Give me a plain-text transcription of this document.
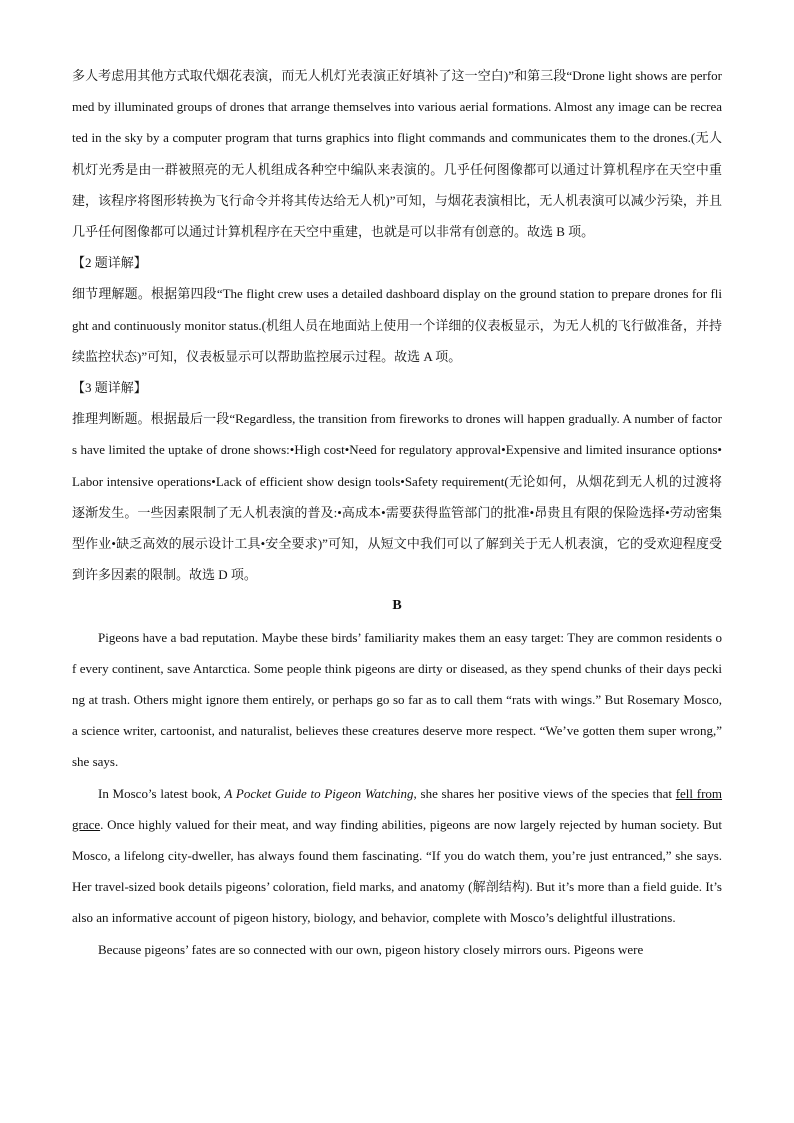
多人考虑用其他方式取代烟花表演，而无人机灯光表演正好填补了这一空白)”和第三段“Drone light shows are performed by illuminated groups of drones that arrange themselves into various aerial formations. Almost any image can be recreated in the sky by a computer program that turns graphics into flight commands and communicates them to the drones.(无人机灯光秀是由一群被照亮的无人机组成各种空中编队来表演的。几乎任何图像都可以通过计算机程序在天空中重建，该程序将图形转换为飞行命令并将其传达给无人机)”可知，与烟花表演相比，无人机表演可以减少污染，并且几乎任何图像都可以通过计算机程序在天空中重建，也就是可以非常有创意的。故选 B 项。

【2 题详解】

细节理解题。根据第四段“The flight crew uses a detailed dashboard display on the ground station to prepare drones for flight and continuously monitor status.(机组人员在地面站上使用一个详细的仪表板显示，为无人机的飞行做准备，并持续监控状态)”可知，仪表板显示可以帮助监控展示过程。故选 A 项。

【3 题详解】

推理判断题。根据最后一段“Regardless, the transition from fireworks to drones will happen gradually. A number of factors have limited the uptake of drone shows:•High cost•Need for regulatory approval•Expensive and limited insurance options•Labor intensive operations•Lack of efficient show design tools•Safety requirement(无论如何，从烟花到无人机的过渡将逐渐发生。一些因素限制了无人机表演的普及:•高成本•需要获得监管部门的批准•昂贵且有限的保险选择•劳动密集型作业•缺乏高效的展示设计工具•安全要求)”可知，从短文中我们可以了解到关于无人机表演，它的受欢迎程度受到许多因素的限制。故选 D 项。

B

Pigeons have a bad reputation. Maybe these birds’ familiarity makes them an easy target: They are common residents of every continent, save Antarctica. Some people think pigeons are dirty or diseased, as they spend chunks of their days pecking at trash. Others might ignore them entirely, or perhaps go so far as to call them “rats with wings.” But Rosemary Mosco, a science writer, cartoonist, and naturalist, believes these creatures deserve more respect. “We’ve gotten them super wrong,” she says.

In Mosco’s latest book, A Pocket Guide to Pigeon Watching, she shares her positive views of the species that fell from grace. Once highly valued for their meat, and way finding abilities, pigeons are now largely rejected by human society. But Mosco, a lifelong city-dweller, has always found them fascinating. “If you do watch them, you’re just entranced,” she says. Her travel-sized book details pigeons’ coloration, field marks, and anatomy (解剖结构). But it’s more than a field guide. It’s also an informative account of pigeon history, biology, and behavior, complete with Mosco’s delightful illustrations.

Because pigeons’ fates are so connected with our own, pigeon history closely mirrors ours. Pigeons were
